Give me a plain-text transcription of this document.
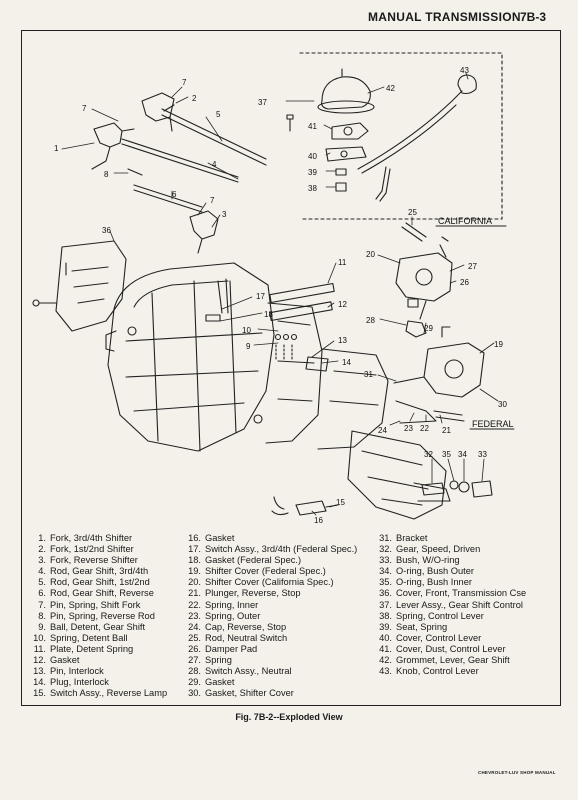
MANUAL TRANSMISSION 7B-3
7
7
2
5
1
4
8
6
7
3
37
42
41
40
39
38
43
36
25
20
27
26
28
29
11
12
17
18
10
9
13
14
19
31
30
24 23 22 21
32 35 34 33
16
15
CALIFORNIA
FEDERAL
1. Fork, 3rd/4th Shifter
2. Fork, 1st/2nd Shifter
3. Fork, Reverse Shifter
4. Rod, Gear Shift, 3rd/4th
5. Rod, Gear Shift, 1st/2nd
6. Rod, Gear Shift, Reverse
7. Pin, Spring, Shift Fork
8. Pin, Spring, Reverse Rod
9. Ball, Detent, Gear Shift
10. Spring, Detent Ball
11. Plate, Detent Spring
12. Gasket
13. Pin, Interlock
14. Plug, Interlock
15. Switch Assy., Reverse Lamp
16. Gasket
17. Switch Assy., 3rd/4th (Federal Spec.)
18. Gasket (Federal Spec.)
19. Shifter Cover (Federal Spec.)
20. Shifter Cover (California Spec.)
21. Plunger, Reverse, Stop
22. Spring, Inner
23. Spring, Outer
24. Cap, Reverse, Stop
25. Rod, Neutral Switch
26. Damper Pad
27. Spring
28. Switch Assy., Neutral
29. Gasket
30. Gasket, Shifter Cover
31. Bracket
32. Gear, Speed, Driven
33. Bush, W/O-ring
34. O-ring, Bush Outer
35. O-ring, Bush Inner
36. Cover, Front, Transmission Cse
37. Lever Assy., Gear Shift Control
38. Spring, Control Lever
39. Seat, Spring
40. Cover, Control Lever
41. Cover, Dust, Control Lever
42. Grommet, Lever, Gear Shift
43. Knob, Control Lever
Fig. 7B-2--Exploded View
CHEVROLET-LUV SHOP MANUAL
